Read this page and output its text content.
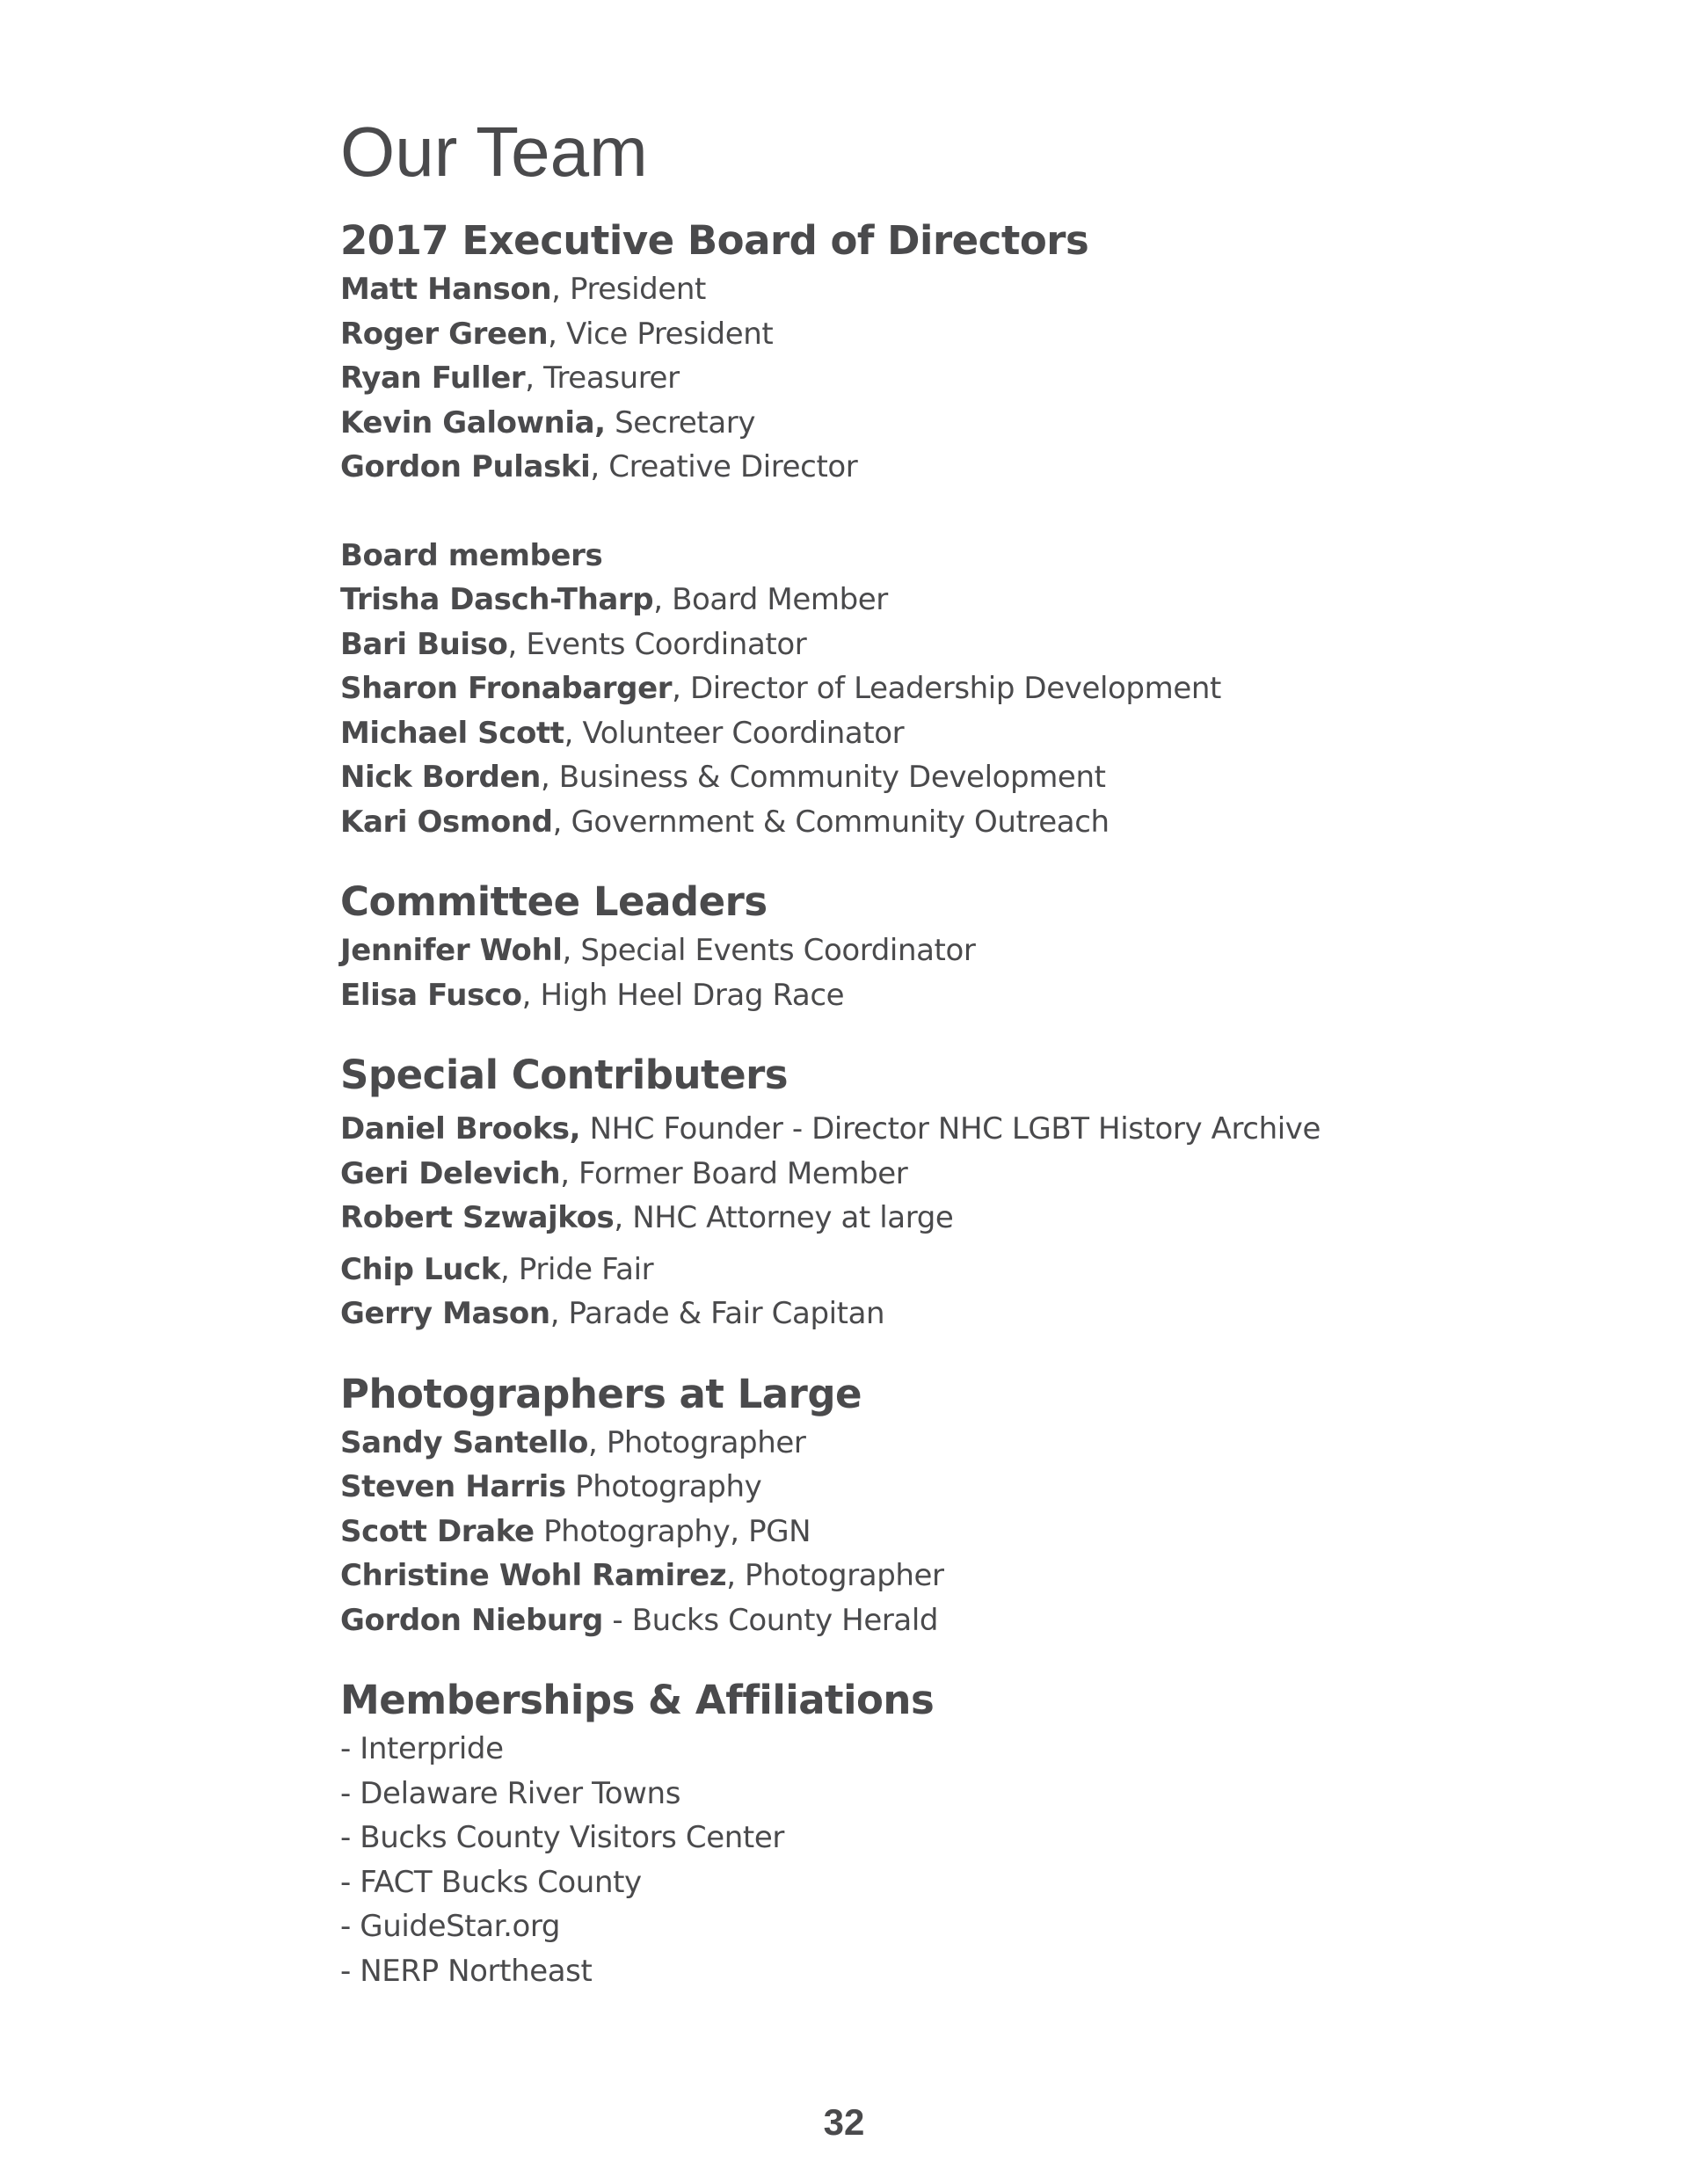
Our Team
2017 Executive Board of Directors
Matt Hanson, President
Roger Green, Vice President
Ryan Fuller, Treasurer
Kevin Galownia, Secretary
Gordon Pulaski, Creative Director
Board members
Trisha Dasch-Tharp, Board Member
Bari Buiso, Events Coordinator
Sharon Fronabarger, Director of Leadership Development
Michael Scott, Volunteer Coordinator
Nick Borden, Business & Community Development
Kari Osmond, Government & Community Outreach
Committee Leaders
Jennifer Wohl, Special Events Coordinator
Elisa Fusco, High Heel Drag Race
Special Contributers
Daniel Brooks, NHC Founder - Director NHC LGBT History Archive
Geri Delevich, Former Board Member
Robert Szwajkos, NHC Attorney at large
Chip Luck, Pride Fair
Gerry Mason, Parade & Fair Capitan
Photographers at Large
Sandy Santello, Photographer
Steven Harris Photography
Scott Drake Photography, PGN
Christine Wohl Ramirez, Photographer
Gordon Nieburg - Bucks County Herald
Memberships & Affiliations
- Interpride
- Delaware River Towns
- Bucks County Visitors Center
- FACT Bucks County
- GuideStar.org
- NERP Northeast
32
